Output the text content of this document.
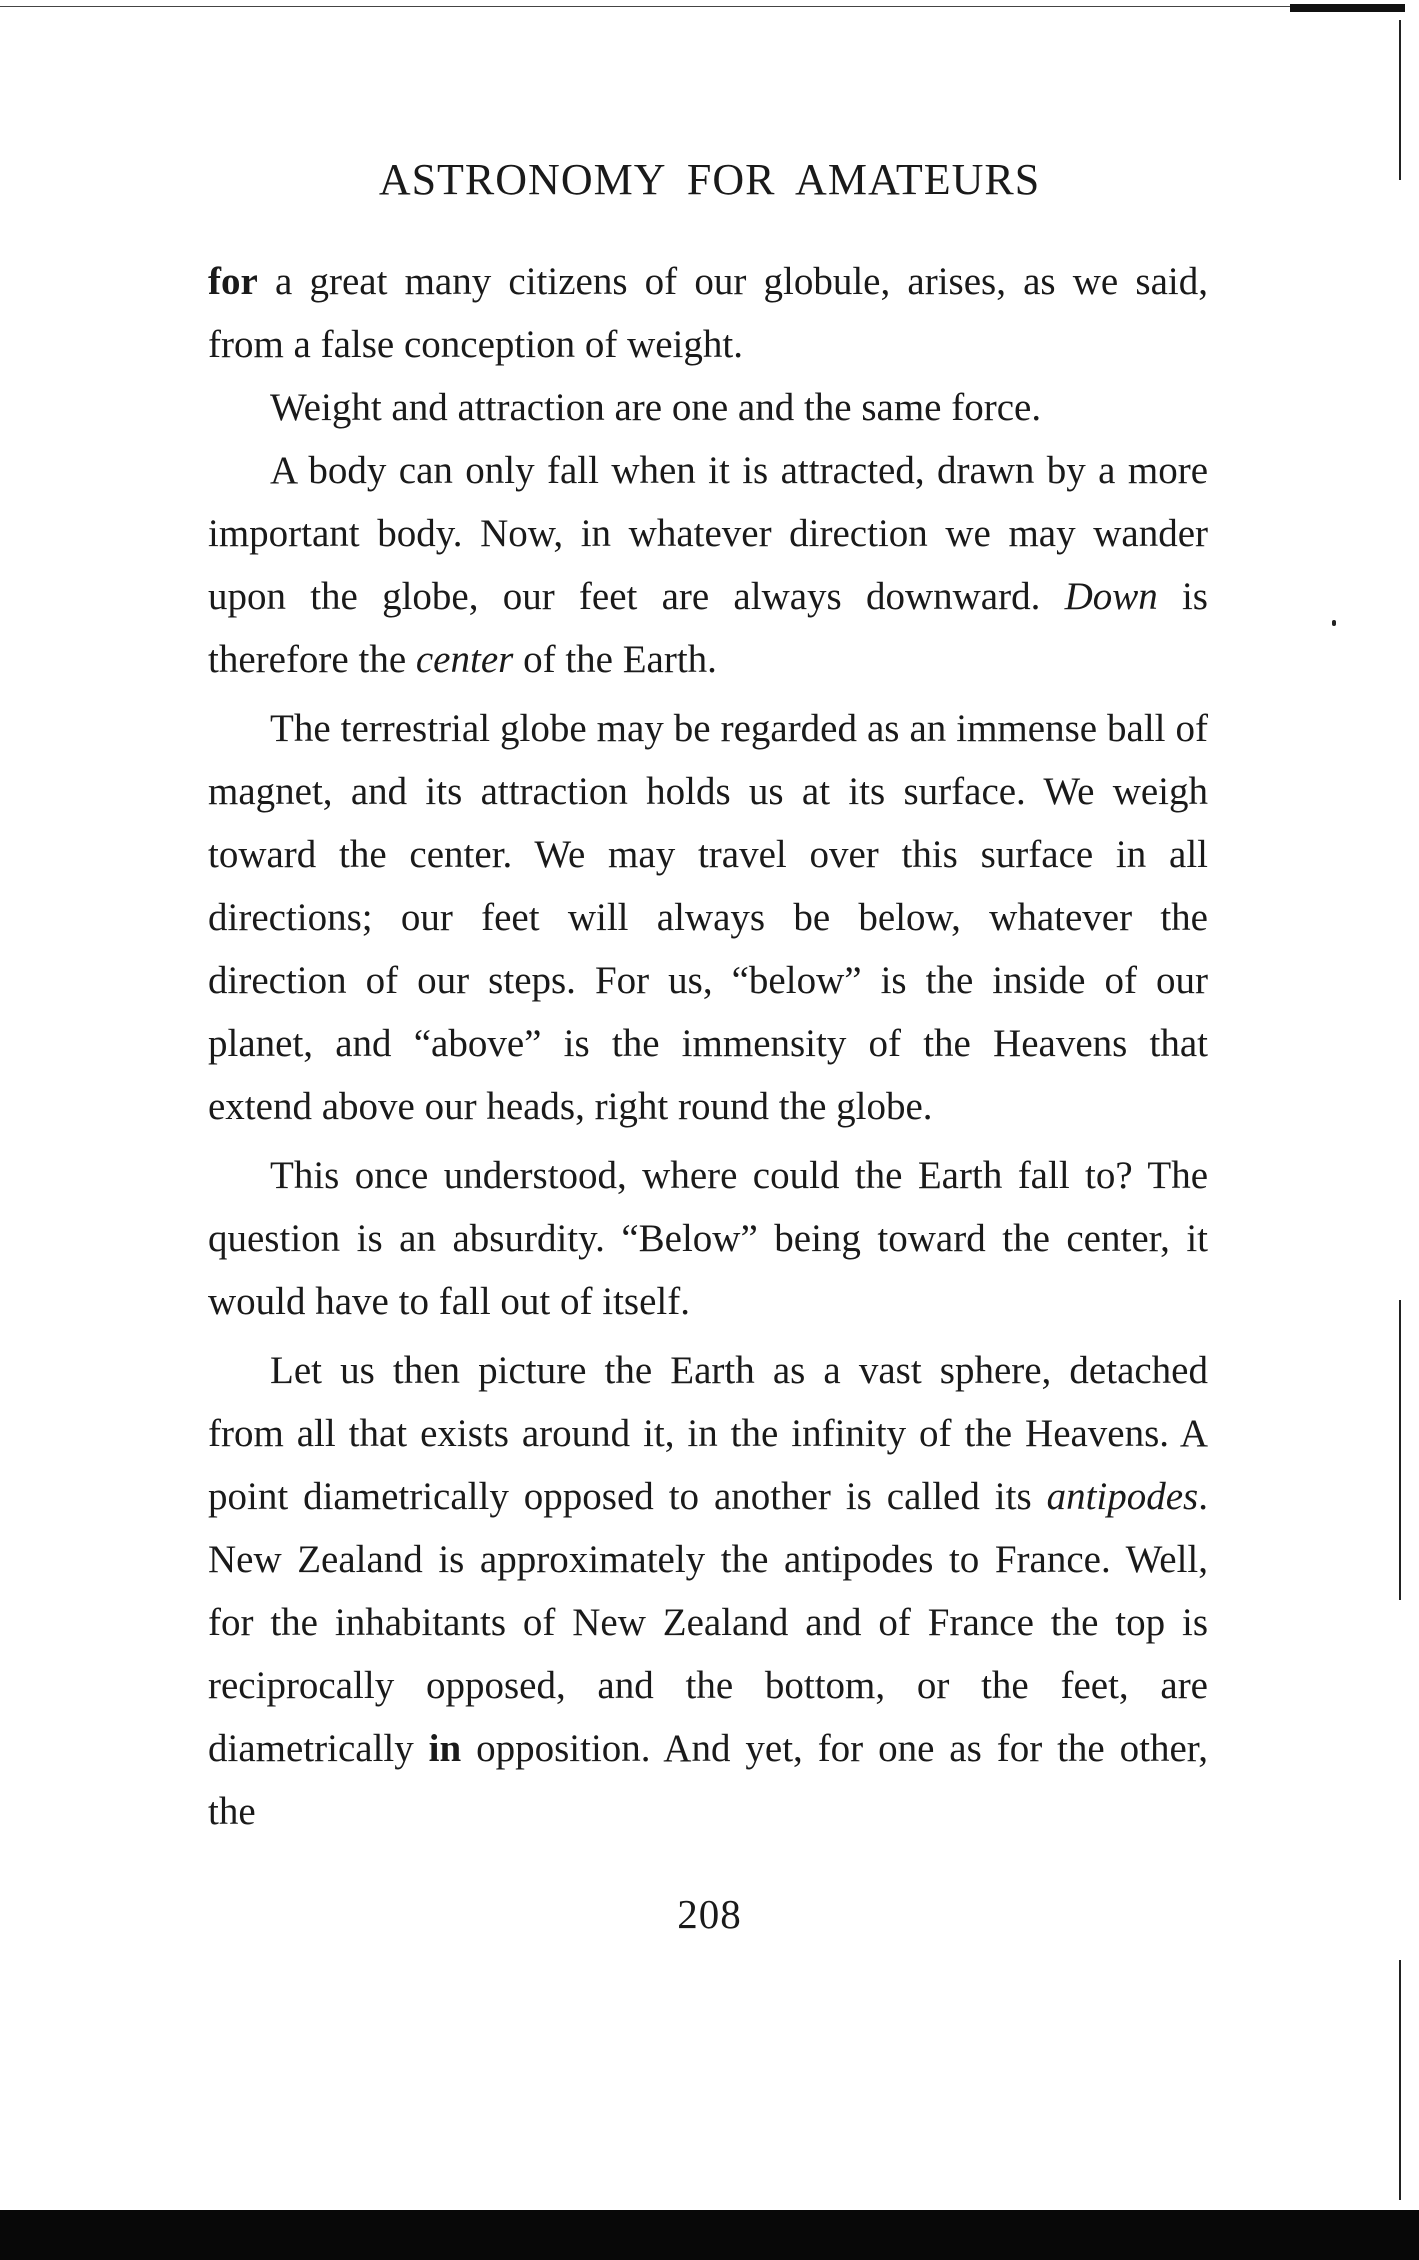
ASTRONOMY FOR AMATEURS

for a great many citizens of our globule, arises, as we said, from a false conception of weight.

Weight and attraction are one and the same force.

A body can only fall when it is attracted, drawn by a more important body. Now, in whatever direction we may wander upon the globe, our feet are always downward. Down is therefore the center of the Earth.

The terrestrial globe may be regarded as an immense ball of magnet, and its attraction holds us at its surface. We weigh toward the center. We may travel over this surface in all directions; our feet will always be below, whatever the direction of our steps. For us, “below” is the inside of our planet, and “above” is the immensity of the Heavens that extend above our heads, right round the globe.

This once understood, where could the Earth fall to? The question is an absurdity. “Below” being toward the center, it would have to fall out of itself.

Let us then picture the Earth as a vast sphere, detached from all that exists around it, in the infinity of the Heavens. A point diametrically opposed to another is called its antipodes. New Zealand is approximately the antipodes to France. Well, for the inhabitants of New Zealand and of France the top is reciprocally opposed, and the bottom, or the feet, are diametrically in opposition. And yet, for one as for the other, the

208
